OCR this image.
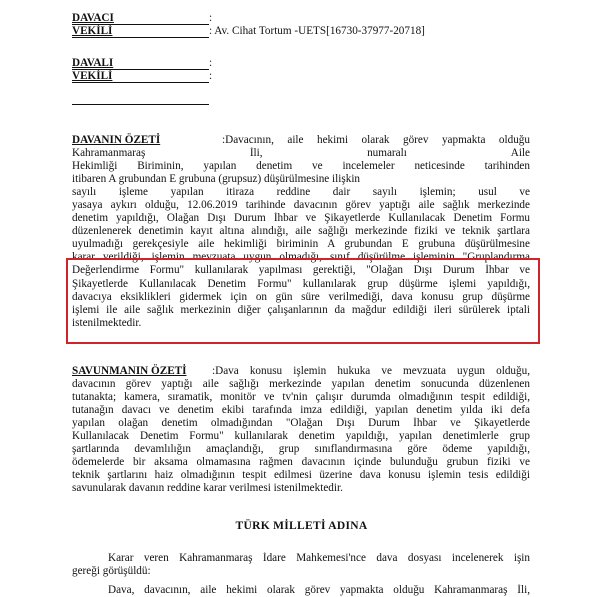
DAVACI	:
VEKİLİ	: Av. Cihat Tortum -UETS[16730-37977-20718]
DAVALI	:
VEKİLİ	:
DAVANIN ÖZETİ	:Davacının, aile hekimi olarak görev yapmakta olduğu
Kahramanmaraş İli, numaralı Aile
Hekimliği Biriminin, yapılan denetim ve incelemeler neticesinde tarihinden
itibaren A grubundan E grubuna (grupsuz) düşürülmesine ilişkin
sayılı işleme yapılan itiraza reddine dair sayılı işlemin; usul ve
yasaya aykırı olduğu, 12.06.2019 tarihinde davacının görev yaptığı aile sağlık merkezinde
denetim yapıldığı, Olağan Dışı Durum İhbar ve Şikayetlerde Kullanılacak Denetim Formu
düzenlenerek denetimin kayıt altına alındığı, aile sağlığı merkezinde fiziki ve teknik şartlara
uyulmadığı gerekçesiyle aile hekimliği biriminin A grubundan E grubuna düşürülmesine
karar verildiği, işlemin mevzuata uygun olmadığı, sınıf düşürülme işleminin "Gruplandırma
Değerlendirme Formu" kullanılarak yapılması gerektiği, "Olağan Dışı Durum İhbar ve
Şikayetlerde Kullanılacak Denetim Formu" kullanılarak grup düşürme işlemi yapıldığı,
davacıya eksiklikleri gidermek için on gün süre verilmediği, dava konusu grup düşürme
işlemi ile aile sağlık merkezinin diğer çalışanlarının da mağdur edildiği ileri sürülerek iptali
istenilmektedir.
SAVUNMANIN ÖZETİ :Dava konusu işlemin hukuka ve mevzuata uygun olduğu,
davacının görev yaptığı aile sağlığı merkezinde yapılan denetim sonucunda düzenlenen
tutanakta; kamera, sıramatik, monitör ve tv'nin çalışır durumda olmadığının tespit edildiği,
tutanağın davacı ve denetim ekibi tarafında imza edildiği, yapılan denetim yılda iki defa
yapılan olağan denetim olmadığından "Olağan Dışı Durum İhbar ve Şikayetlerde
Kullanılacak Denetim Formu" kullanılarak denetim yapıldığı, yapılan denetimlerle grup
şartlarında devamlılığın amaçlandığı, grup sınıflandırmasına göre ödeme yapıldığı,
ödemelerde bir aksama olmamasına rağmen davacının içinde bulunduğu grubun fiziki ve
teknik şartlarını haiz olmadığının tespit edilmesi üzerine dava konusu işlemin tesis edildiği
savunularak davanın reddine karar verilmesi istenilmektedir.
TÜRK MİLLETİ ADINA
Karar veren Kahramanmaraş İdare Mahkemesi'nce dava dosyası incelenerek işin
gereği görüşüldü:
Dava, davacının, aile hekimi olarak görev yapmakta olduğu Kahramanmaraş İli,
